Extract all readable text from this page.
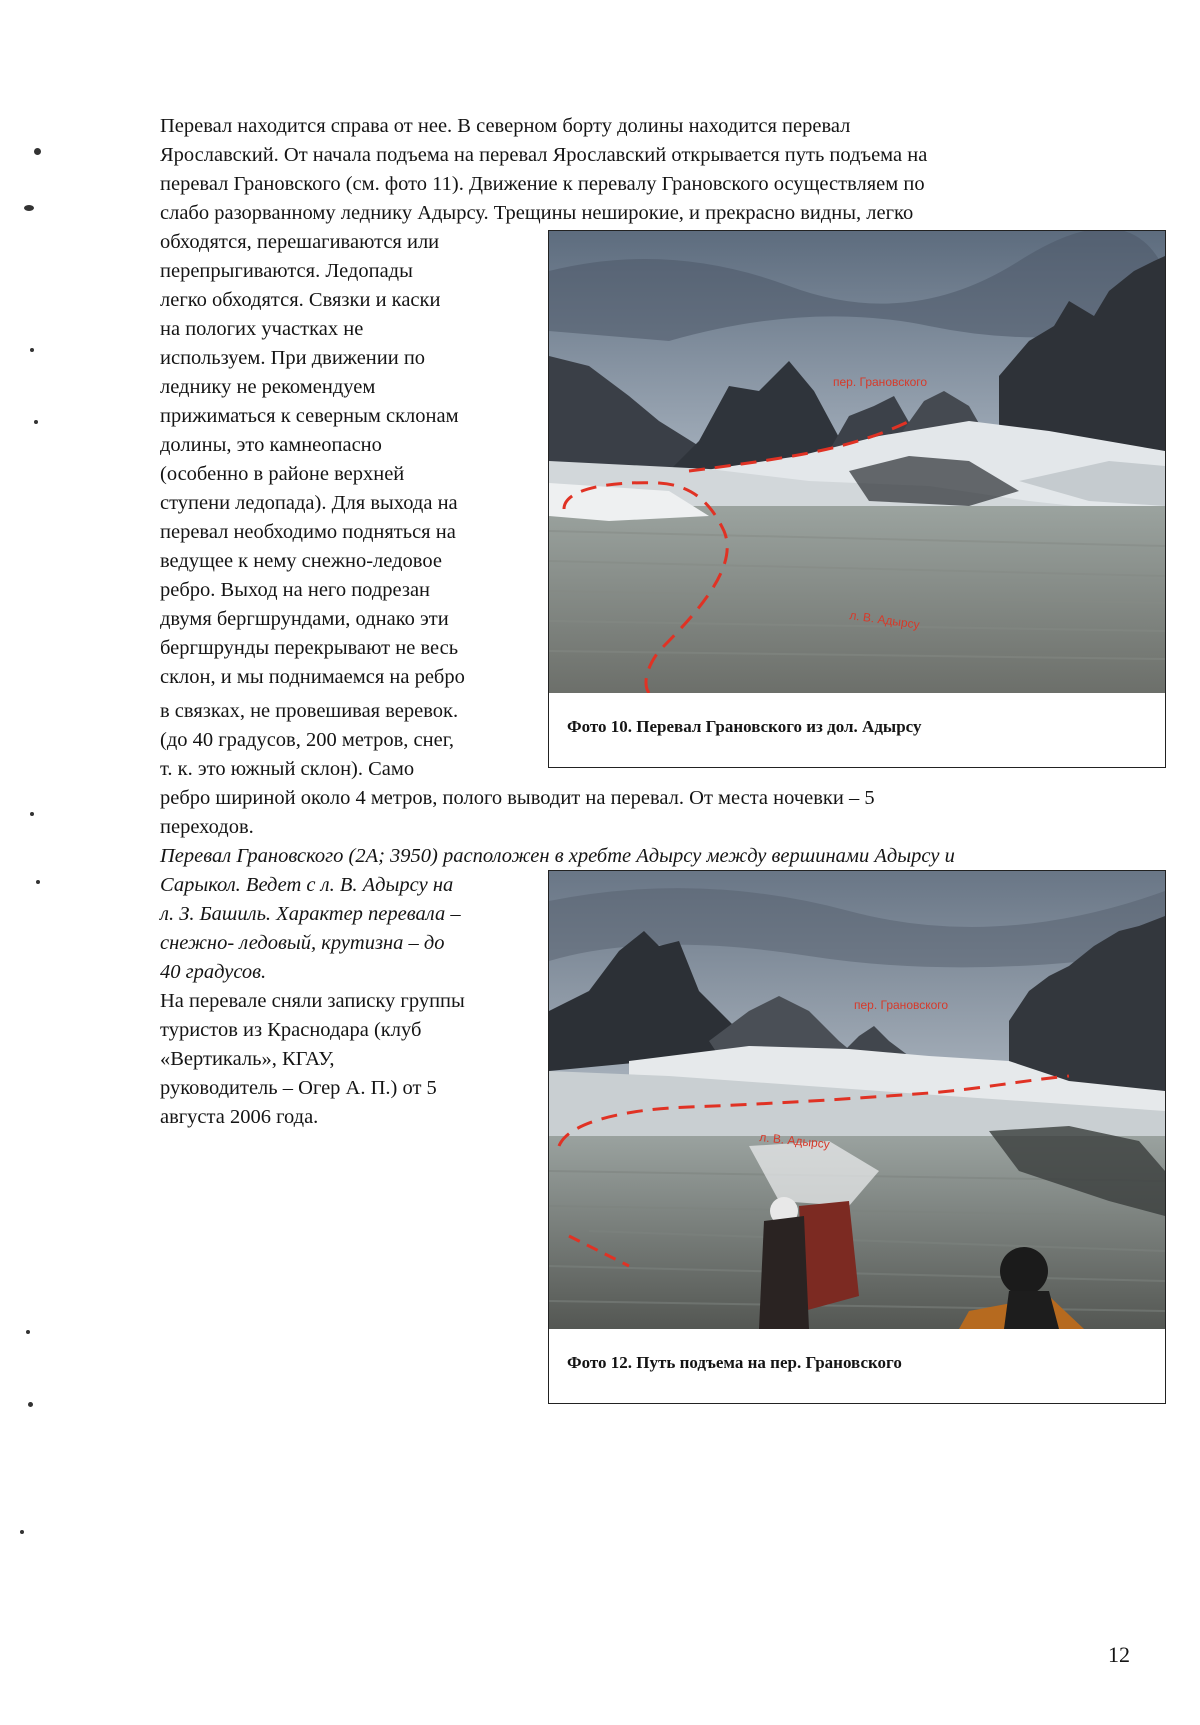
Перевал находится справа от нее. В северном борту долины находится перевал

Ярославский. От начала подъема на перевал Ярославский открывается путь подъема на

перевал Грановского (см. фото 11). Движение к перевалу Грановского осуществляем по

слабо разорванному леднику Адырсу. Трещины неширокие, и прекрасно видны, легко

обходятся, перешагиваются или

перепрыгиваются. Ледопады

легко обходятся. Связки и каски

на пологих участках не

используем. При движении по

леднику не рекомендуем

прижиматься к северным склонам

долины, это камнеопасно

(особенно в районе верхней

ступени ледопада). Для выхода на

перевал необходимо подняться на

ведущее к нему снежно-ледовое

ребро. Выход на него подрезан

двумя бергшрундами, однако эти

бергшрунды перекрывают не весь

склон, и мы поднимаемся на ребро

в связках, не провешивая веревок.

(до 40 градусов, 200 метров, снег,

т. к. это южный склон). Само

ребро шириной около 4 метров, полого выводит на перевал. От места ночевки – 5

переходов.

Перевал Грановского (2А; 3950) расположен в хребте Адырсу между вершинами Адырсу и

Сарыкол. Ведет с л. В. Адырсу на

л. З. Башиль. Характер перевала –

снежно- ледовый, крутизна – до

40 градусов.

На перевале сняли записку группы

туристов из Краснодара (клуб

«Вертикаль», КГАУ,

руководитель – Огер А. П.) от 5

августа 2006 года.

пер. Грановского
л. В. Адырсу
Фото 10. Перевал Грановского из дол. Адырсу
пер. Грановского
л. В. Адырсу
Фото 12. Путь подъема на пер. Грановского
12
